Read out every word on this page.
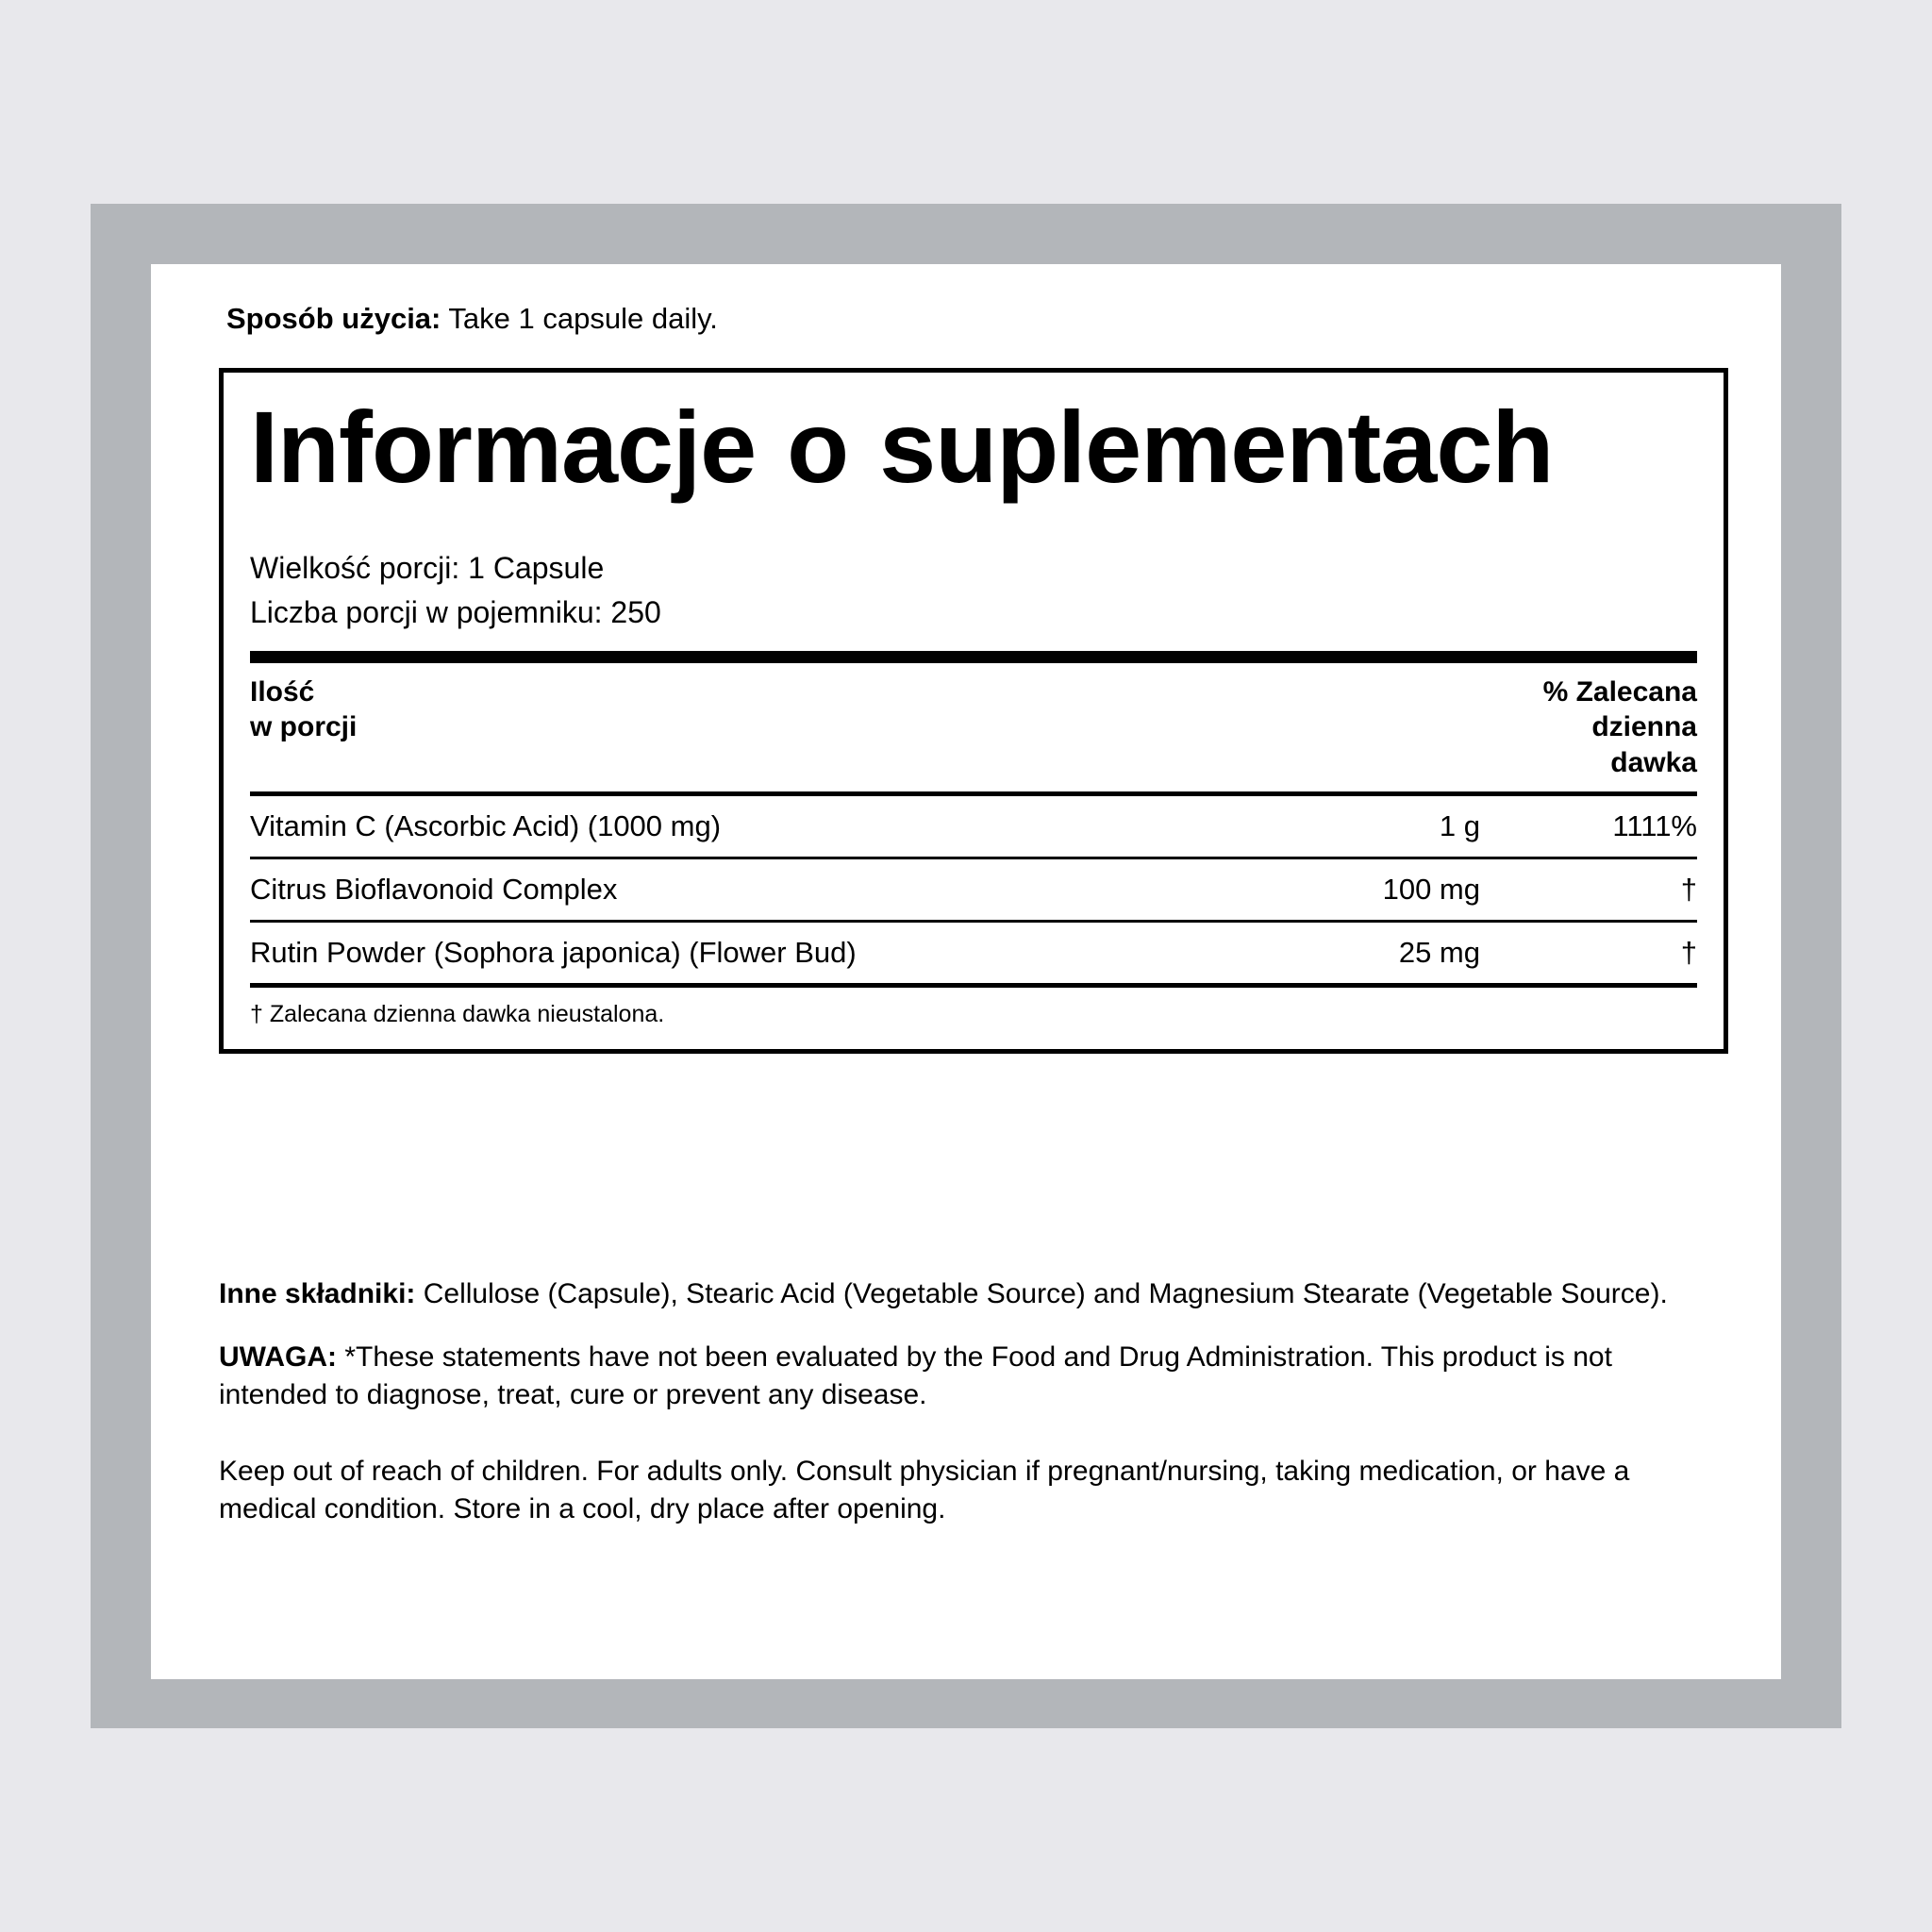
Sposób użycia: Take 1 capsule daily.
Informacje o suplementach
Wielkość porcji: 1 Capsule
Liczba porcji w pojemniku: 250
Ilość
w porcji
% Zalecana
dzienna
dawka
Vitamin C (Ascorbic Acid) (1000 mg)	1 g	1111%
Citrus Bioflavonoid Complex	100 mg	†
Rutin Powder (Sophora japonica) (Flower Bud)	25 mg	†
† Zalecana dzienna dawka nieustalona.

Inne składniki: Cellulose (Capsule), Stearic Acid (Vegetable Source) and Magnesium Stearate (Vegetable Source).

UWAGA: *These statements have not been evaluated by the Food and Drug Administration. This product is not intended to diagnose, treat, cure or prevent any disease.

Keep out of reach of children. For adults only. Consult physician if pregnant/nursing, taking medication, or have a medical condition. Store in a cool, dry place after opening.
